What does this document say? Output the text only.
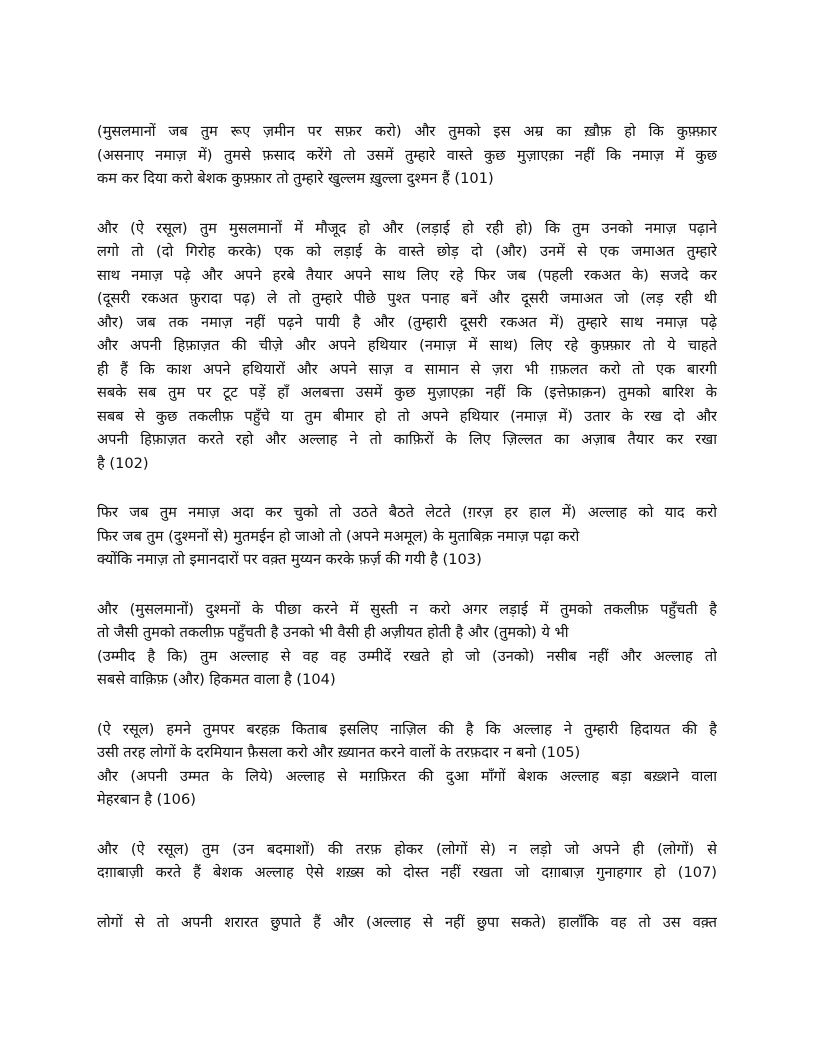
(मुसलमानों जब तुम रूए ज़मीन पर सफ़र करो) और तुमको इस अम्र का ख़ौफ़ हो कि कुफ़्फ़ार
(असनाए नमाज़ में) तुमसे फ़साद करेंगे तो उसमें तुम्हारे वास्ते कुछ मुज़ाएक़ा नहीं कि नमाज़ में कुछ
कम कर दिया करो बेशक कुफ़्फ़ार तो तुम्हारे खुल्लम ख़ुल्ला दुश्मन हैं (101)
और (ऐ रसूल) तुम मुसलमानों में मौजूद हो और (लड़ाई हो रही हो) कि तुम उनको नमाज़ पढ़ाने
लगो तो (दो गिरोह करके) एक को लड़ाई के वास्ते छोड़ दो (और) उनमें से एक जमाअत तुम्हारे
साथ नमाज़ पढ़े और अपने हरबे तैयार अपने साथ लिए रहे फिर जब (पहली रकअत के) सजदे कर
(दूसरी रकअत फ़ुरादा पढ़) ले तो तुम्हारे पीछे पुश्त पनाह बनें और दूसरी जमाअत जो (लड़ रही थी
और) जब तक नमाज़ नहीं पढ़ने पायी है और (तुम्हारी दूसरी रकअत में) तुम्हारे साथ नमाज़ पढ़े
और अपनी हिफ़ाज़त की चीज़े और अपने हथियार (नमाज़ में साथ) लिए रहे कुफ़्फ़ार तो ये चाहते
ही हैं कि काश अपने हथियारों और अपने साज़ व सामान से ज़रा भी ग़फ़लत करो तो एक बारगी
सबके सब तुम पर टूट पड़ें हाँ अलबत्ता उसमें कुछ मुज़ाएक़ा नहीं कि (इत्तेफ़ाक़न) तुमको बारिश के
सबब से कुछ तकलीफ़ पहुँचे या तुम बीमार हो तो अपने हथियार (नमाज़ में) उतार के रख दो और
अपनी हिफ़ाज़त करते रहो और अल्लाह ने तो काफ़िरों के लिए ज़िल्लत का अज़ाब तैयार कर रखा
है (102)
फिर जब तुम नमाज़ अदा कर चुको तो उठते बैठते लेटते (ग़रज़ हर हाल में) अल्लाह को याद करो
फिर जब तुम (दुश्मनों से) मुतमईन हो जाओ तो (अपने मअमूल) के मुताबिक़ नमाज़ पढ़ा करो
क्योंकि नमाज़ तो इमानदारों पर वक़्त मुय्यन करके फ़र्ज़ की गयी है (103)
और (मुसलमानों) दुश्मनों के पीछा करने में सुस्ती न करो अगर लड़ाई में तुमको तकलीफ़ पहुँचती है
तो जैसी तुमको तकलीफ़ पहुँचती है उनको भी वैसी ही अज़ीयत होती है और (तुमको) ये भी
(उम्मीद है कि) तुम अल्लाह से वह वह उम्मीदें रखते हो जो (उनको) नसीब नहीं और अल्लाह तो
सबसे वाक़िफ़ (और) हिकमत वाला है (104)
(ऐ रसूल) हमने तुमपर बरहक़ किताब इसलिए नाज़िल की है कि अल्लाह ने तुम्हारी हिदायत की है
उसी तरह लोगों के दरमियान फ़ैसला करो और ख़्यानत करने वालों के तरफ़दार न बनो (105)
और (अपनी उम्मत के लिये) अल्लाह से मग़फ़िरत की दुआ माँगों बेशक अल्लाह बड़ा बख़्शने वाला
मेहरबान है (106)
और (ऐ रसूल) तुम (उन बदमाशों) की तरफ़ होकर (लोगों से) न लड़ो जो अपने ही (लोगों) से
दग़ाबाज़ी करते हैं बेशक अल्लाह ऐसे शख़्स को दोस्त नहीं रखता जो दग़ाबाज़ गुनाहगार हो (107)
लोगों से तो अपनी शरारत छुपाते हैं और (अल्लाह से नहीं छुपा सकते) हालाँकि वह तो उस वक़्त
